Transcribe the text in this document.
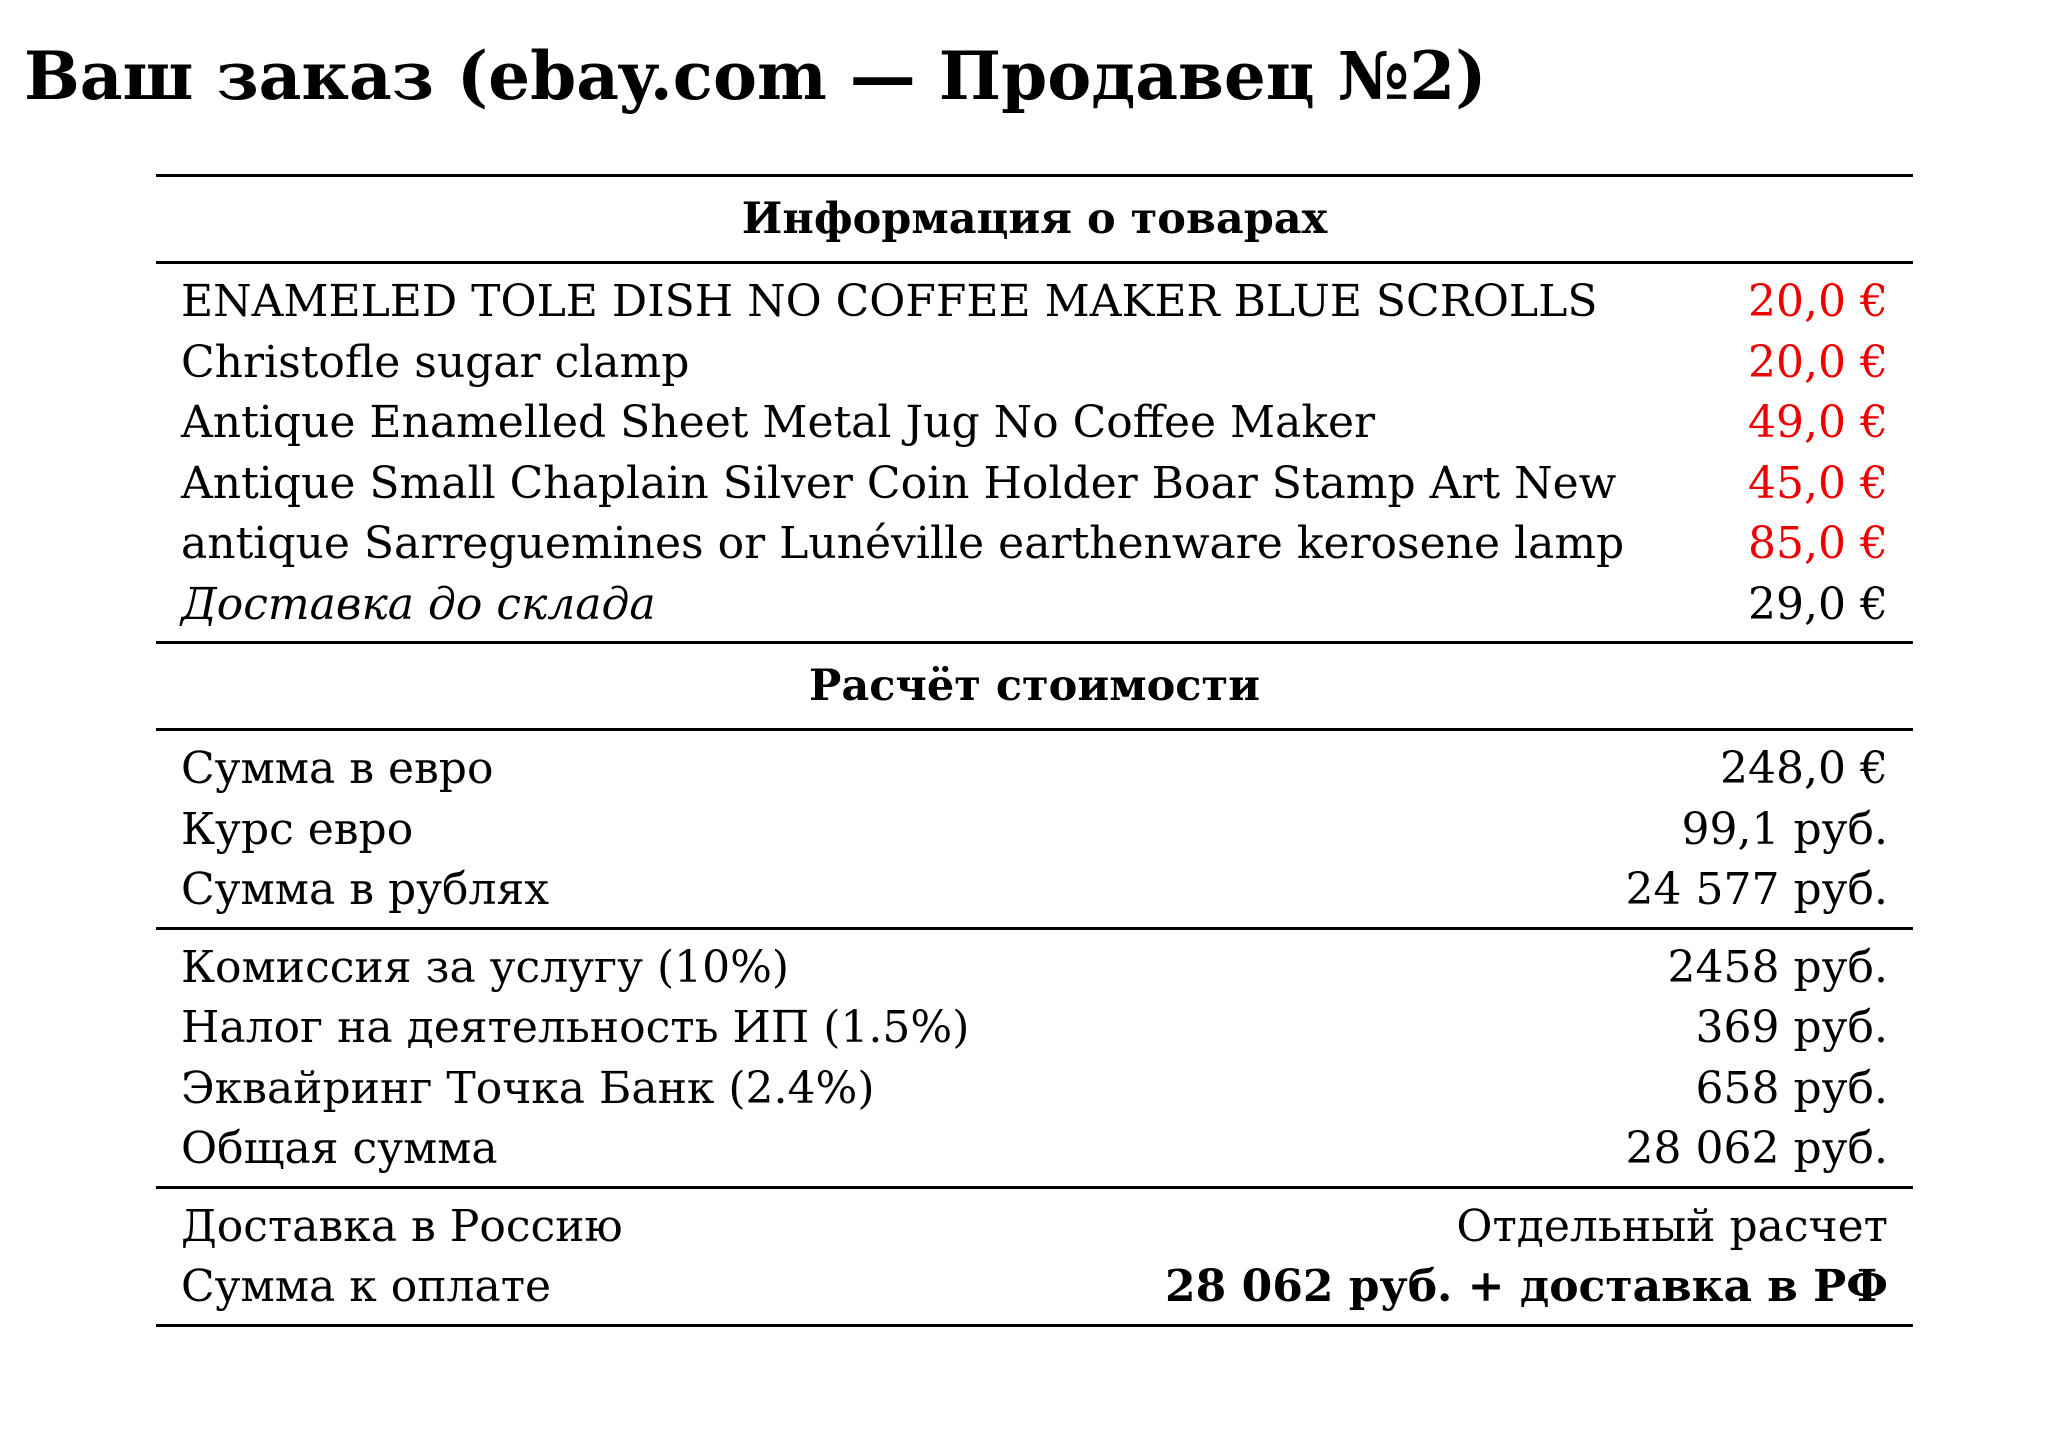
Ваш заказ (ebay.com — Продавец №2)
Информация о товарах
ENAMELED TOLE DISH NO COFFEE MAKER BLUE SCROLLS	20,0 €
Christofle sugar clamp	20,0 €
Antique Enamelled Sheet Metal Jug No Coffee Maker	49,0 €
Antique Small Chaplain Silver Coin Holder Boar Stamp Art New	45,0 €
antique Sarreguemines or Lunéville earthenware kerosene lamp	85,0 €
Доставка до склада	29,0 €
Расчёт стоимости
Сумма в евро	248,0 €
Курс евро	99,1 руб.
Сумма в рублях	24 577 руб.
Комиссия за услугу (10%)	2458 руб.
Налог на деятельность ИП (1.5%)	369 руб.
Эквайринг Точка Банк (2.4%)	658 руб.
Общая сумма	28 062 руб.
Доставка в Россию	Отдельный расчет
Сумма к оплате	28 062 руб. + доставка в РФ
